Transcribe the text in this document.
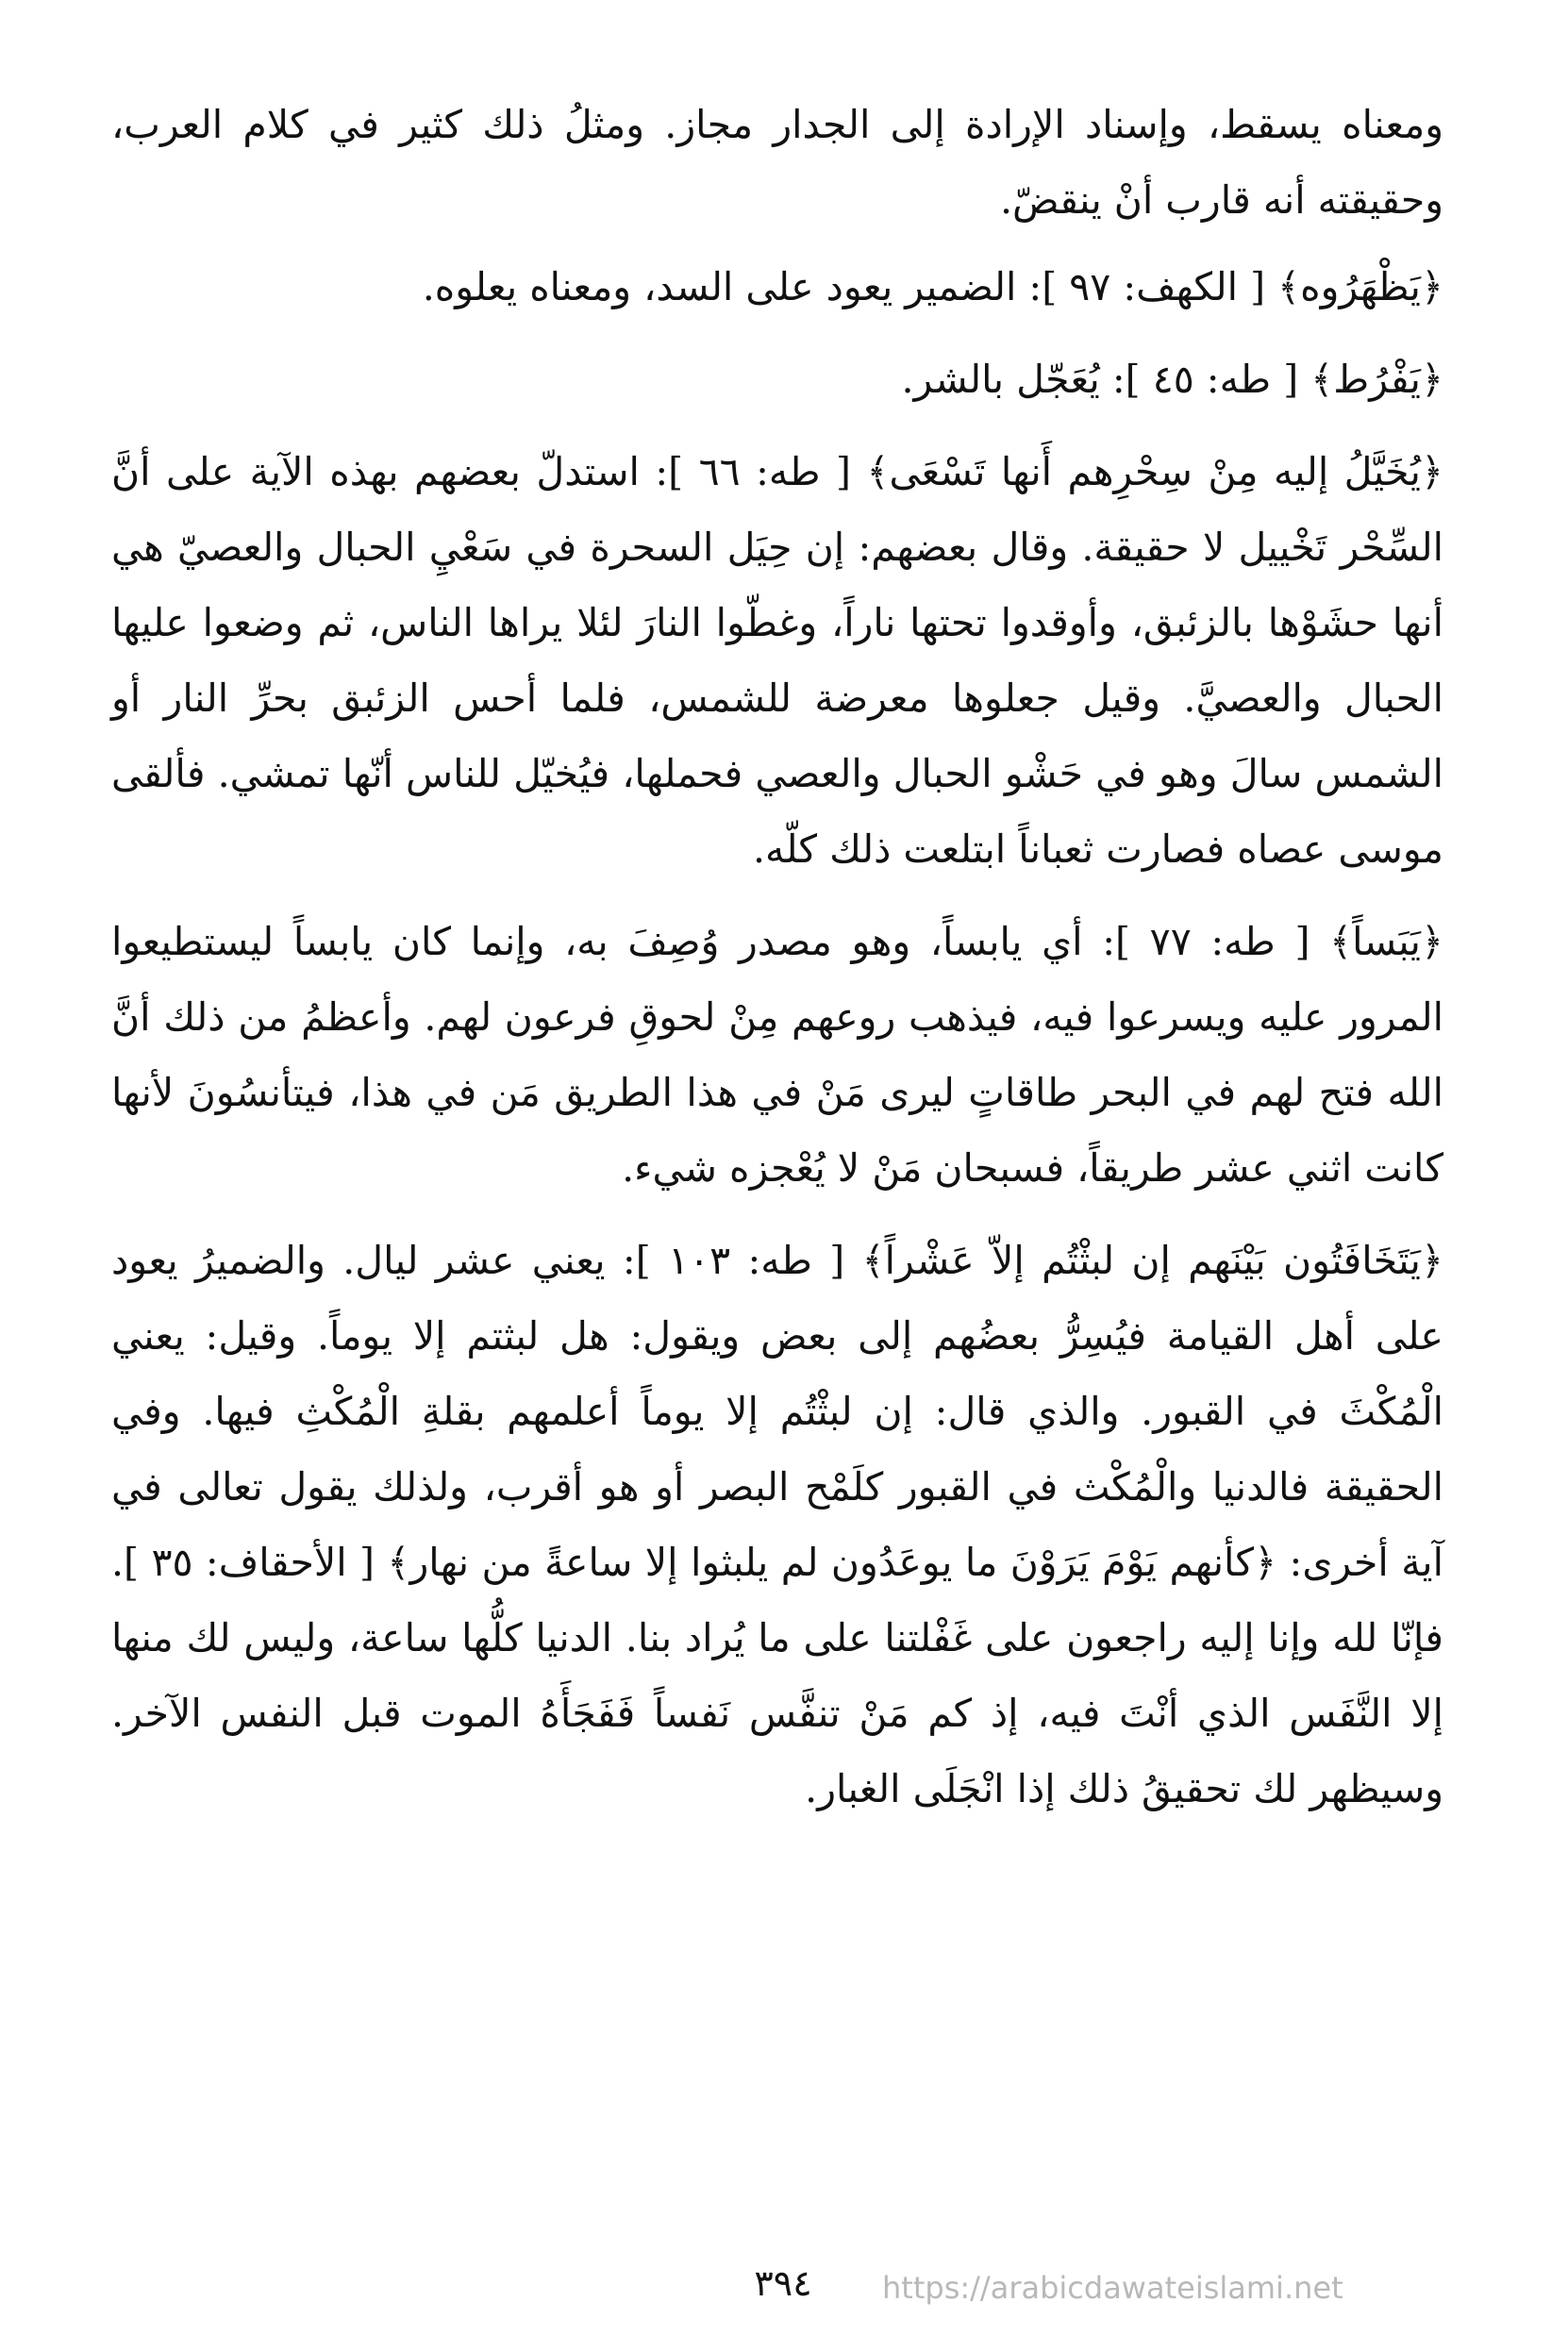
ومعناه يسقط، وإسناد الإرادة إلى الجدار مجاز. ومثلُ ذلك كثير في كلام العرب، وحقيقته أنه قارب أنْ ينقضّ.

﴿يَظْهَرُوه﴾ [ الكهف: ٩٧ ]: الضمير يعود على السد، ومعناه يعلوه.

﴿يَفْرُط﴾ [ طه: ٤٥ ]: يُعَجّل بالشر.

﴿يُخَيَّلُ إليه مِنْ سِحْرِهم أَنها تَسْعَى﴾ [ طه: ٦٦ ]: استدلّ بعضهم بهذه الآية على أنَّ السِّحْر تَخْييل لا حقيقة. وقال بعضهم: إن حِيَل السحرة في سَعْيِ الحبال والعصيّ هي أنها حشَوْها بالزئبق، وأوقدوا تحتها ناراً، وغطّوا النارَ لئلا يراها الناس، ثم وضعوا عليها الحبال والعصيَّ. وقيل جعلوها معرضة للشمس، فلما أحس الزئبق بحرِّ النار أو الشمس سالَ وهو في حَشْو الحبال والعصي فحملها، فيُخيّل للناس أنّها تمشي. فألقى موسى عصاه فصارت ثعباناً ابتلعت ذلك كلّه.

﴿يَبَساً﴾ [ طه: ٧٧ ]: أي يابساً، وهو مصدر وُصِفَ به، وإنما كان يابساً ليستطيعوا المرور عليه ويسرعوا فيه، فيذهب روعهم مِنْ لحوقِ فرعون لهم. وأعظمُ من ذلك أنَّ الله فتح لهم في البحر طاقاتٍ ليرى مَنْ في هذا الطريق مَن في هذا، فيتأنسُونَ لأنها كانت اثني عشر طريقاً، فسبحان مَنْ لا يُعْجزه شيء.

﴿يَتَخَافَتُون بَيْنَهم إن لبثْتُم إلاّ عَشْراً﴾ [ طه: ١٠٣ ]: يعني عشر ليال. والضميرُ يعود على أهل القيامة فيُسِرُّ بعضُهم إلى بعض ويقول: هل لبثتم إلا يوماً. وقيل: يعني الْمُكْثَ في القبور. والذي قال: إن لبثْتُم إلا يوماً أعلمهم بقلةِ الْمُكْثِ فيها. وفي الحقيقة فالدنيا والْمُكْث في القبور كلَمْح البصر أو هو أقرب، ولذلك يقول تعالى في آية أخرى: ﴿كأنهم يَوْمَ يَرَوْنَ ما يوعَدُون لم يلبثوا إلا ساعةً من نهار﴾ [ الأحقاف: ٣٥ ]. فإنّا لله وإنا إليه راجعون على غَفْلتنا على ما يُراد بنا. الدنيا كلُّها ساعة، وليس لك منها إلا النَّفَس الذي أنْتَ فيه، إذ كم مَنْ تنفَّس نَفساً فَفَجَأَهُ الموت قبل النفس الآخر. وسيظهر لك تحقيقُ ذلك إذا انْجَلَى الغبار.

٣٩٤	https://arabicdawateislami.net
